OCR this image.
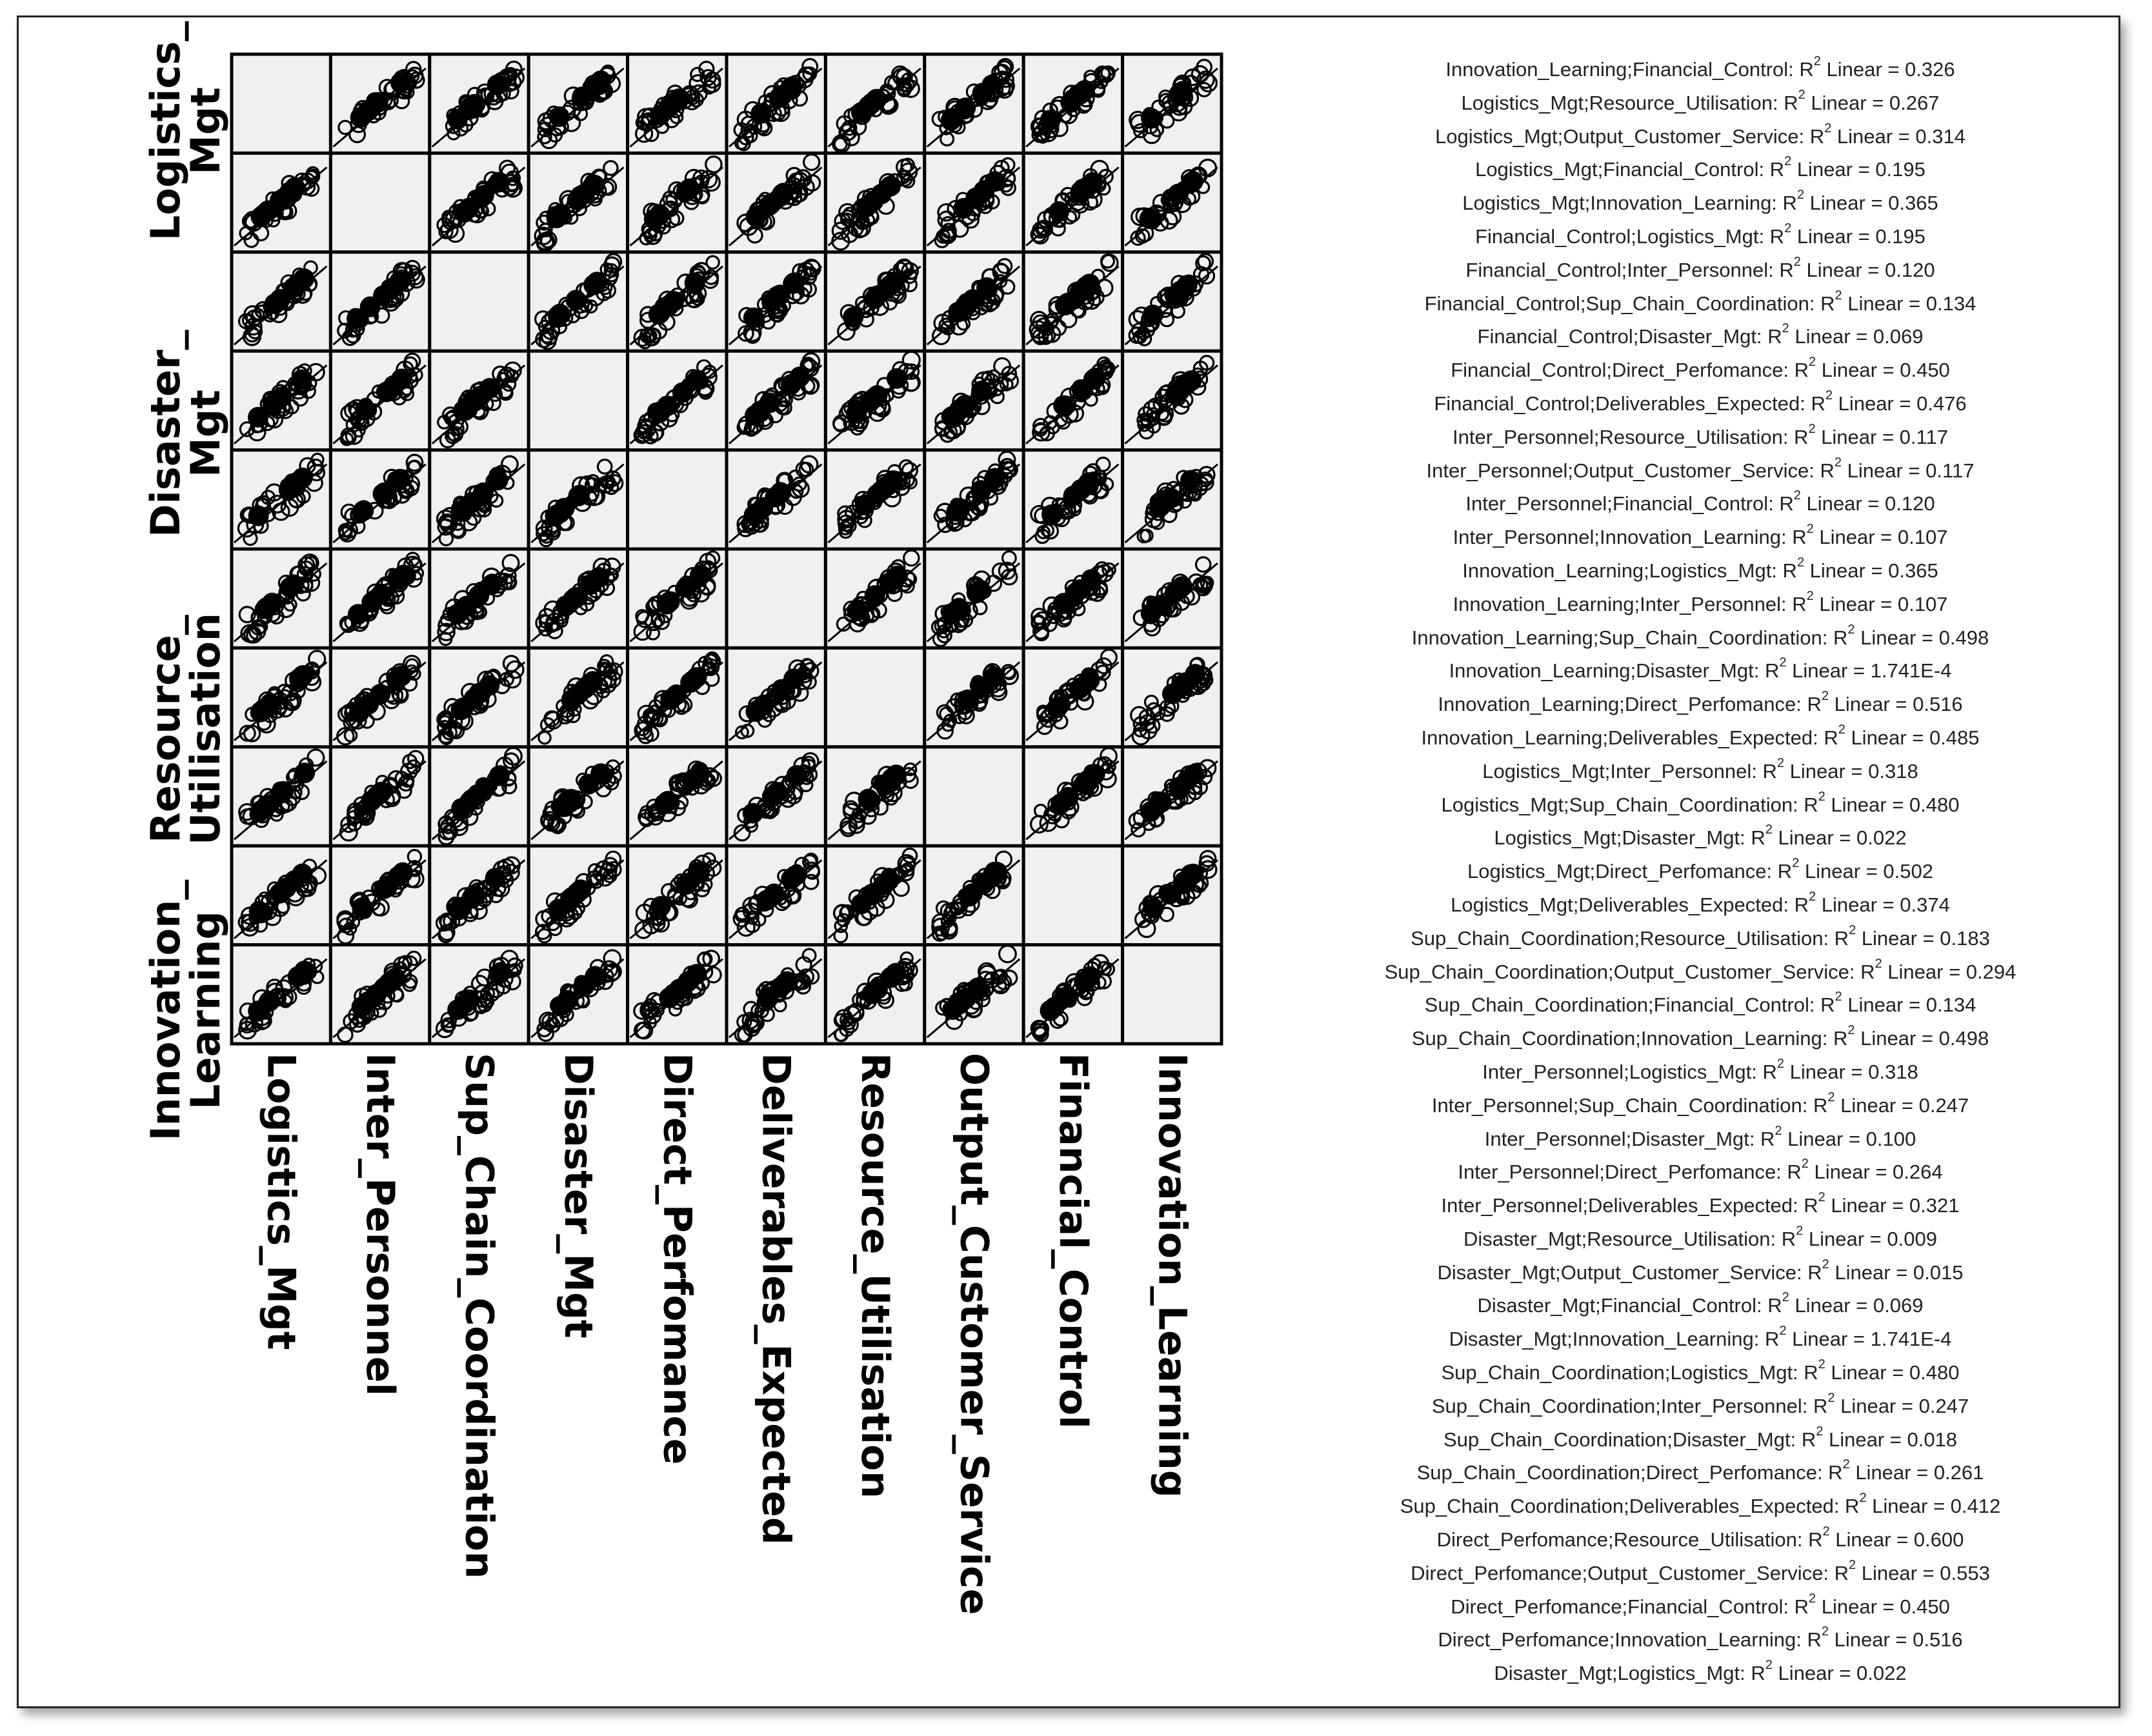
Logistics_Mgt
Disaster_Mgt
Resource_Utilisation
Innovation_Learning
Logistics_Mgt Inter_Personnel Sup_Chain_Coordination Disaster_Mgt Direct_Perfomance Deliverables_Expected Resource_Utilisation Output_Customer_Service Financial_Control Innovation_Learning
Innovation_Learning;Financial_Control: $R^2$ Linear = 0.326
Logistics_Mgt;Resource_Utilisation: $R^2$ Linear = 0.267
Logistics_Mgt;Output_Customer_Service: $R^2$ Linear = 0.314
Logistics_Mgt;Financial_Control: $R^2$ Linear = 0.195
Logistics_Mgt;Innovation_Learning: $R^2$ Linear = 0.365
Financial_Control;Logistics_Mgt: $R^2$ Linear = 0.195
Financial_Control;Inter_Personnel: $R^2$ Linear = 0.120
Financial_Control;Sup_Chain_Coordination: $R^2$ Linear = 0.134
Financial_Control;Disaster_Mgt: $R^2$ Linear = 0.069
Financial_Control;Direct_Perfomance: $R^2$ Linear = 0.450
Financial_Control;Deliverables_Expected: $R^2$ Linear = 0.476
Inter_Personnel;Resource_Utilisation: $R^2$ Linear = 0.117
Inter_Personnel;Output_Customer_Service: $R^2$ Linear = 0.117
Inter_Personnel;Financial_Control: $R^2$ Linear = 0.120
Inter_Personnel;Innovation_Learning: $R^2$ Linear = 0.107
Innovation_Learning;Logistics_Mgt: $R^2$ Linear = 0.365
Innovation_Learning;Inter_Personnel: $R^2$ Linear = 0.107
Innovation_Learning;Sup_Chain_Coordination: $R^2$ Linear = 0.498
Innovation_Learning;Disaster_Mgt: $R^2$ Linear = 1.741E-4
Innovation_Learning;Direct_Perfomance: $R^2$ Linear = 0.516
Innovation_Learning;Deliverables_Expected: $R^2$ Linear = 0.485
Logistics_Mgt;Inter_Personnel: $R^2$ Linear = 0.318
Logistics_Mgt;Sup_Chain_Coordination: $R^2$ Linear = 0.480
Logistics_Mgt;Disaster_Mgt: $R^2$ Linear = 0.022
Logistics_Mgt;Direct_Perfomance: $R^2$ Linear = 0.502
Logistics_Mgt;Deliverables_Expected: $R^2$ Linear = 0.374
Sup_Chain_Coordination;Resource_Utilisation: $R^2$ Linear = 0.183
Sup_Chain_Coordination;Output_Customer_Service: $R^2$ Linear = 0.294
Sup_Chain_Coordination;Financial_Control: $R^2$ Linear = 0.134
Sup_Chain_Coordination;Innovation_Learning: $R^2$ Linear = 0.498
Inter_Personnel;Logistics_Mgt: $R^2$ Linear = 0.318
Inter_Personnel;Sup_Chain_Coordination: $R^2$ Linear = 0.247
Inter_Personnel;Disaster_Mgt: $R^2$ Linear = 0.100
Inter_Personnel;Direct_Perfomance: $R^2$ Linear = 0.264
Inter_Personnel;Deliverables_Expected: $R^2$ Linear = 0.321
Disaster_Mgt;Resource_Utilisation: $R^2$ Linear = 0.009
Disaster_Mgt;Output_Customer_Service: $R^2$ Linear = 0.015
Disaster_Mgt;Financial_Control: $R^2$ Linear = 0.069
Disaster_Mgt;Innovation_Learning: $R^2$ Linear = 1.741E-4
Sup_Chain_Coordination;Logistics_Mgt: $R^2$ Linear = 0.480
Sup_Chain_Coordination;Inter_Personnel: $R^2$ Linear = 0.247
Sup_Chain_Coordination;Disaster_Mgt: $R^2$ Linear = 0.018
Sup_Chain_Coordination;Direct_Perfomance: $R^2$ Linear = 0.261
Sup_Chain_Coordination;Deliverables_Expected: $R^2$ Linear = 0.412
Direct_Perfomance;Resource_Utilisation: $R^2$ Linear = 0.600
Direct_Perfomance;Output_Customer_Service: $R^2$ Linear = 0.553
Direct_Perfomance;Financial_Control: $R^2$ Linear = 0.450
Direct_Perfomance;Innovation_Learning: $R^2$ Linear = 0.516
Disaster_Mgt;Logistics_Mgt: $R^2$ Linear = 0.022
